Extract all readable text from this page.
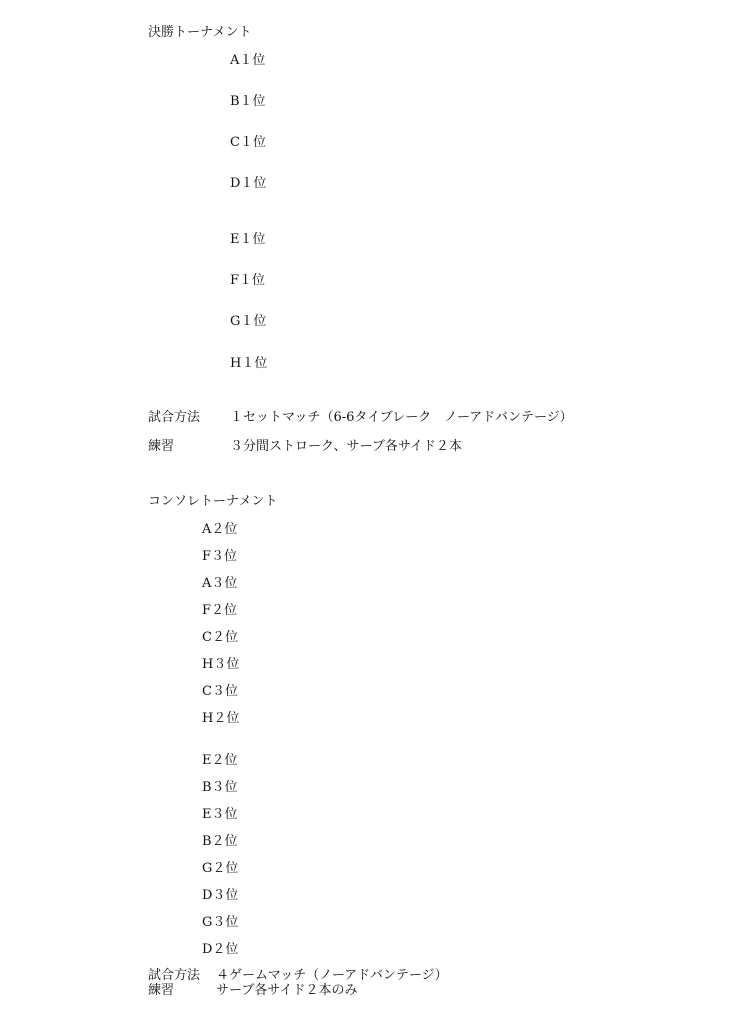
決勝トーナメント
A１位
B１位
C１位
D１位
E１位
F１位
G１位
H１位
試合方法 １セットマッチ（6-6タイブレーク　ノーアドバンテージ）
練習	３分間ストローク、サーブ各サイド２本
コンソレトーナメント
A２位
F３位
A３位
F２位
C２位
H３位
C３位
H２位
E２位
B３位
E３位
B２位
G２位
D３位
G３位
D２位
試合方法 ４ゲームマッチ（ノーアドバンテージ）
練習	サーブ各サイド２本のみ
